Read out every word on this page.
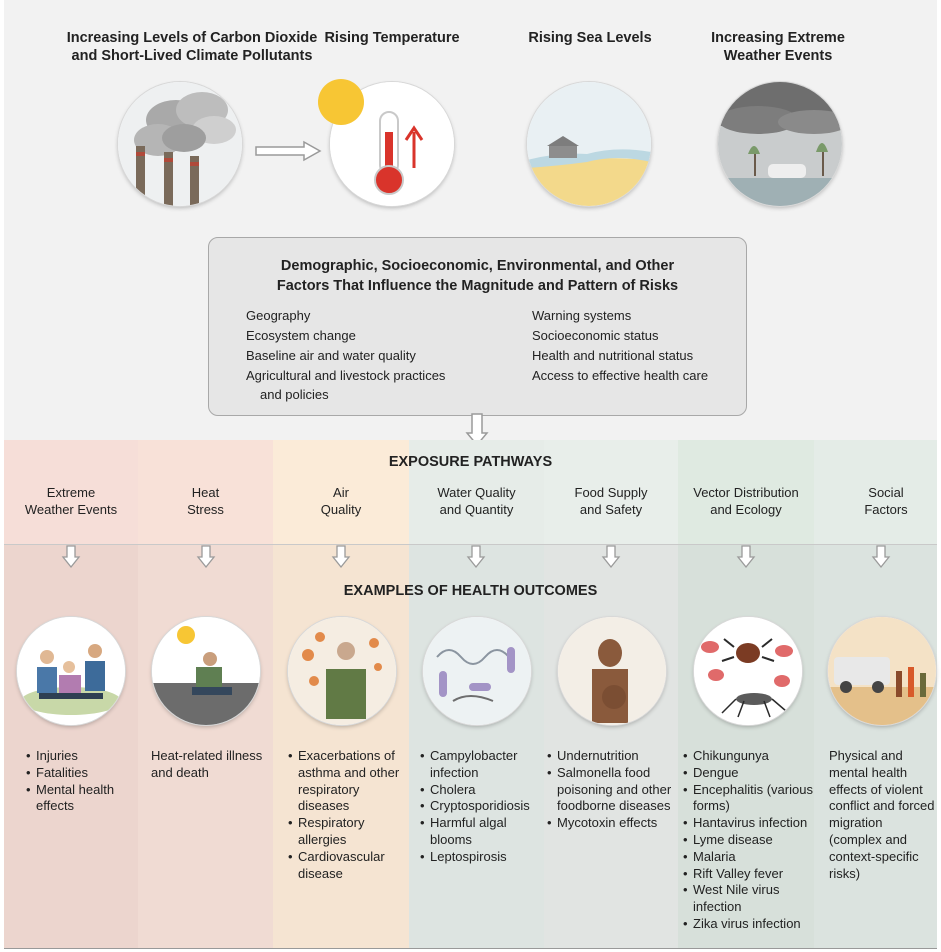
Increasing Levels of Carbon Dioxide
and Short-Lived Climate Pollutants
Rising Temperature	Rising Sea Levels	Increasing Extreme
Weather Events
Demographic, Socioeconomic, Environmental, and Other
Factors That Influence the Magnitude and Pattern of Risks
Geography
Ecosystem change
Baseline air and water quality
Agricultural and livestock practices
and policies
Warning systems
Socioeconomic status
Health and nutritional status
Access to effective health care
EXPOSURE PATHWAYS
EXAMPLES OF HEALTH OUTCOMES
Extreme
Weather Events
Heat
Stress
Air
Quality
Water Quality
and Quantity
Food Supply
and Safety
Vector Distribution
and Ecology
Social
Factors
• Injuries
• Fatalities
• Mental health effects
Heat-related illness and death
• Exacerbations of asthma and other respiratory diseases
• Respiratory allergies
• Cardiovascular disease
• Campylobacter infection
• Cholera
• Cryptosporidiosis
• Harmful algal blooms
• Leptospirosis
• Undernutrition
• Salmonella food poisoning and other foodborne diseases
• Mycotoxin effects
• Chikungunya
• Dengue
• Encephalitis (various forms)
• Hantavirus infection
• Lyme disease
• Malaria
• Rift Valley fever
• West Nile virus infection
• Zika virus infection
Physical and mental health effects of violent conflict and forced migration (complex and context-specific risks)
